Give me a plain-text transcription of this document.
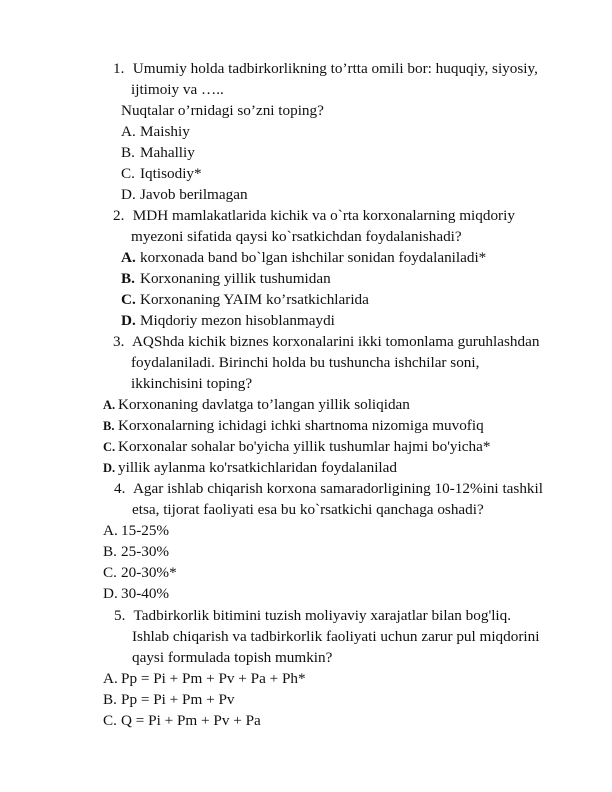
1. Umumiy holda tadbirkorlikning to’rtta omili bor: huquqiy, siyosiy,
ijtimoiy va …..
Nuqtalar o’rnidagi so’zni toping?
A. Maishiy
B. Mahalliy
C. Iqtisodiy*
D. Javob berilmagan
2. MDH mamlakatlarida kichik va o`rta korxonalarning miqdoriy
myezoni sifatida qaysi ko`rsatkichdan foydalanishadi?
A. korxonada band bo`lgan ishchilar sonidan foydalaniladi*
B. Korxonaning yillik tushumidan
C. Korxonaning YAIM ko’rsatkichlarida
D. Miqdoriy mezon hisoblanmaydi
3. AQShda kichik biznes korxonalarini ikki tomonlama guruhlashdan
foydalaniladi. Birinchi holda bu tushuncha ishchilar soni,
ikkinchisini toping?
A. Korxonaning davlatga to’langan yillik soliqidan
B. Korxonalarning ichidagi ichki shartnoma nizomiga muvofiq
C. Korxonalar sohalar bo'yicha yillik tushumlar hajmi bo'yicha*
D. yillik aylanma ko'rsatkichlaridan foydalanilad
4. Agar ishlab chiqarish korxona samaradorligining 10-12%ini tashkil
etsa, tijorat faoliyati esa bu ko`rsatkichi qanchaga oshadi?
A. 15-25%
B. 25-30%
C. 20-30%*
D. 30-40%
5. Tadbirkorlik bitimini tuzish moliyaviy xarajatlar bilan bog'liq.
Ishlab chiqarish va tadbirkorlik faoliyati uchun zarur pul miqdorini
qaysi formulada topish mumkin?
A. Pp = Pi + Pm + Pv + Pa + Ph*
B. Pp = Pi + Pm + Pv
C. Q = Pi + Pm + Pv + Pa
